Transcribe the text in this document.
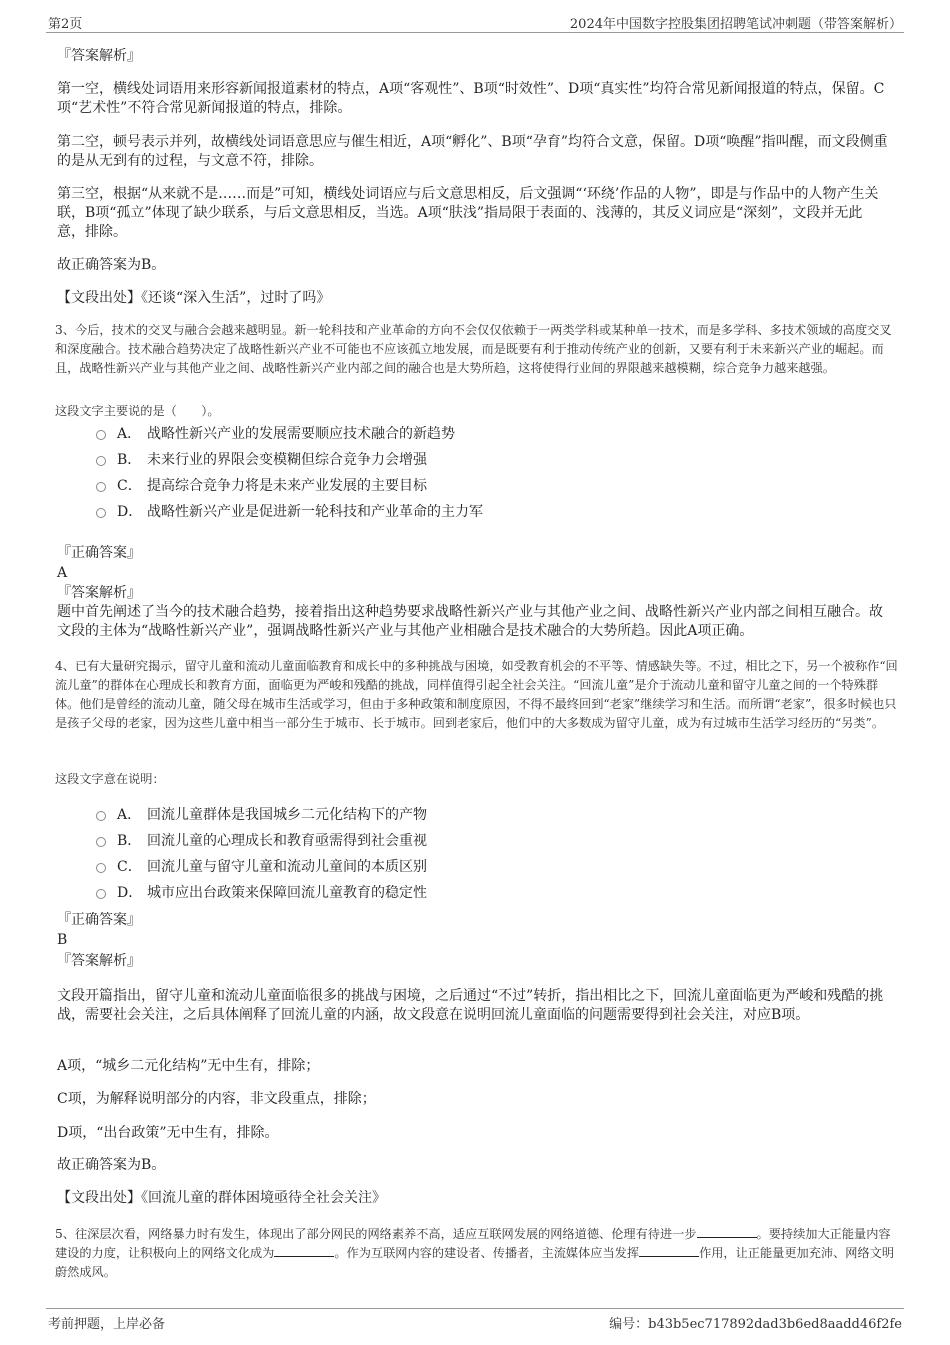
第2页	2024年中国数字控股集团招聘笔试冲刺题（带答案解析）
『答案解析』
第一空，横线处词语用来形容新闻报道素材的特点，A项“客观性”、B项“时效性”、D项“真实性”均符合常见新闻报道的特点，保留。C项“艺术性”不符合常见新闻报道的特点，排除。
第二空，顿号表示并列，故横线处词语意思应与催生相近，A项“孵化”、B项“孕育”均符合文意，保留。D项“唤醒”指叫醒，而文段侧重的是从无到有的过程，与文意不符，排除。
第三空，根据“从来就不是……而是”可知，横线处词语应与后文意思相反，后文强调“‘环绕’作品的人物”，即是与作品中的人物产生关联，B项“孤立”体现了缺少联系，与后文意思相反，当选。A项“肤浅”指局限于表面的、浅薄的，其反义词应是“深刻”，文段并无此意，排除。
故正确答案为B。
【文段出处】《还谈“深入生活”，过时了吗》
3、今后，技术的交叉与融合会越来越明显。新一轮科技和产业革命的方向不会仅仅依赖于一两类学科或某种单一技术，而是多学科、多技术领域的高度交叉和深度融合。技术融合趋势决定了战略性新兴产业不可能也不应该孤立地发展，而是既要有利于推动传统产业的创新，又要有利于未来新兴产业的崛起。而且，战略性新兴产业与其他产业之间、战略性新兴产业内部之间的融合也是大势所趋，这将使得行业间的界限越来越模糊，综合竞争力越来越强。
这段文字主要说的是（　　）。
A． 战略性新兴产业的发展需要顺应技术融合的新趋势
B． 未来行业的界限会变模糊但综合竞争力会增强
C． 提高综合竞争力将是未来产业发展的主要目标
D． 战略性新兴产业是促进新一轮科技和产业革命的主力军
『正确答案』
A
『答案解析』
题中首先阐述了当今的技术融合趋势，接着指出这种趋势要求战略性新兴产业与其他产业之间、战略性新兴产业内部之间相互融合。故文段的主体为“战略性新兴产业”，强调战略性新兴产业与其他产业相融合是技术融合的大势所趋。因此A项正确。
4、已有大量研究揭示，留守儿童和流动儿童面临教育和成长中的多种挑战与困境，如受教育机会的不平等、情感缺失等。不过，相比之下，另一个被称作“回流儿童”的群体在心理成长和教育方面，面临更为严峻和残酷的挑战，同样值得引起全社会关注。“回流儿童”是介于流动儿童和留守儿童之间的一个特殊群体。他们是曾经的流动儿童，随父母在城市生活或学习，但由于多种政策和制度原因，不得不最终回到“老家”继续学习和生活。而所谓“老家”，很多时候也只是孩子父母的老家，因为这些儿童中相当一部分生于城市、长于城市。回到老家后，他们中的大多数成为留守儿童，成为有过城市生活学习经历的“另类”。
这段文字意在说明：
A． 回流儿童群体是我国城乡二元化结构下的产物
B． 回流儿童的心理成长和教育亟需得到社会重视
C． 回流儿童与留守儿童和流动儿童间的本质区别
D． 城市应出台政策来保障回流儿童教育的稳定性
『正确答案』
B
『答案解析』
文段开篇指出，留守儿童和流动儿童面临很多的挑战与困境，之后通过“不过”转折，指出相比之下，回流儿童面临更为严峻和残酷的挑战，需要社会关注，之后具体阐释了回流儿童的内涵，故文段意在说明回流儿童面临的问题需要得到社会关注，对应B项。
A项，“城乡二元化结构”无中生有，排除；
C项，为解释说明部分的内容，非文段重点，排除；
D项，“出台政策”无中生有，排除。
故正确答案为B。
【文段出处】《回流儿童的群体困境亟待全社会关注》
5、往深层次看，网络暴力时有发生，体现出了部分网民的网络素养不高，适应互联网发展的网络道德、伦理有待进一步	。要持续加大正能量内容建设的力度，让积极向上的网络文化成为	。作为互联网内容的建设者、传播者，主流媒体应当发挥	作用，让正能量更加充沛、网络文明蔚然成风。
考前押题，上岸必备	编号：b43b5ec717892dad3b6ed8aadd46f2fe
